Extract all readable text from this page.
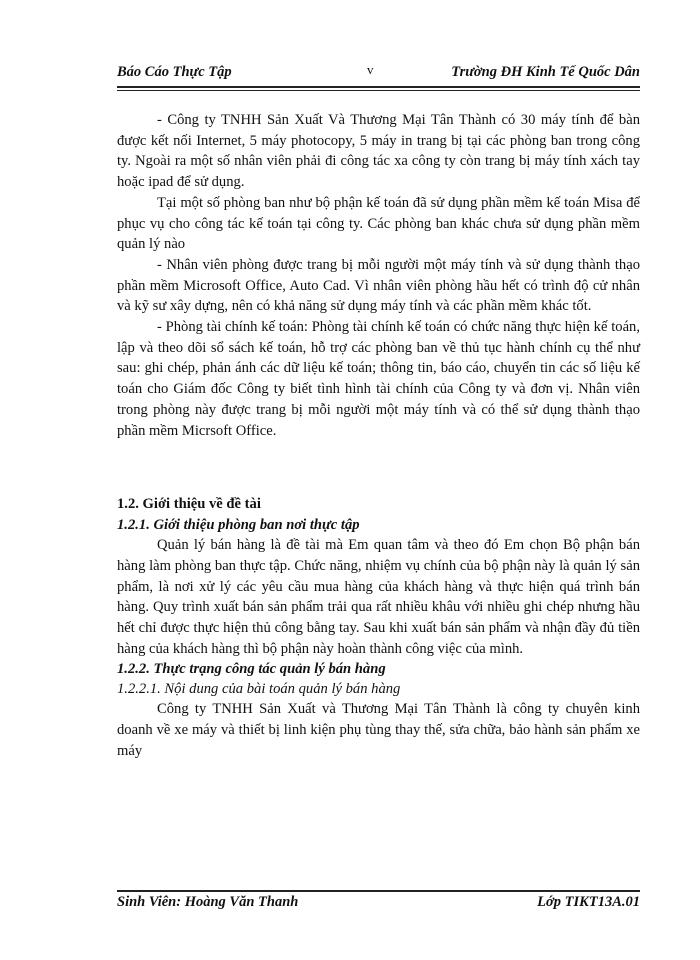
Báo Cáo Thực Tập	v	Trường ĐH Kinh Tế Quốc Dân

- Công ty TNHH Sản Xuất Và Thương Mại Tân Thành có 30 máy tính để bàn được kết nối Internet, 5 máy photocopy, 5 máy in trang bị tại các phòng ban trong công ty. Ngoài ra một số nhân viên phải đi công tác xa công ty còn trang bị máy tính xách tay hoặc ipad để sử dụng.

Tại một số phòng ban như bộ phận kế toán đã sử dụng phần mềm kế toán Misa để phục vụ cho công tác kế toán tại công ty. Các phòng ban khác chưa sử dụng phần mềm quản lý nào

- Nhân viên phòng được trang bị mỗi người một máy tính và sử dụng thành thạo phần mềm Microsoft Office, Auto Cad. Vì nhân viên phòng hầu hết có trình độ cử nhân và kỹ sư xây dựng, nên có khả năng sử dụng máy tính và các phần mềm khác tốt.

- Phòng tài chính kế toán: Phòng tài chính kế toán có chức năng thực hiện kế toán, lập và theo dõi sổ sách kế toán, hỗ trợ các phòng ban về thủ tục hành chính cụ thể như sau: ghi chép, phản ánh các dữ liệu kế toán; thông tin, báo cáo, chuyển tin các số liệu kế toán cho Giám đốc Công ty biết tình hình tài chính của Công ty và đơn vị. Nhân viên trong phòng này được trang bị mỗi người một máy tính và có thể sử dụng thành thạo phần mềm Micrsoft Office.

1.2. Giới thiệu về đề tài
1.2.1. Giới thiệu phòng ban nơi thực tập

Quản lý bán hàng là đề tài mà Em quan tâm và theo đó Em chọn Bộ phận bán hàng làm phòng ban thực tập. Chức năng, nhiệm vụ chính của bộ phận này là quản lý sản phẩm, là nơi xử lý các yêu cầu mua hàng của khách hàng và thực hiện quá trình bán hàng. Quy trình xuất bán sản phẩm trải qua rất nhiều khâu với nhiều ghi chép nhưng hầu hết chỉ được thực hiện thủ công bằng tay. Sau khi xuất bán sản phẩm và nhận đầy đủ tiền hàng của khách hàng thì bộ phận này hoàn thành công việc của mình.

1.2.2. Thực trạng công tác quản lý bán hàng
1.2.2.1. Nội dung của bài toán quản lý bán hàng

Công ty TNHH Sản Xuất và Thương Mại Tân Thành là công ty chuyên kinh doanh về xe máy và thiết bị linh kiện phụ tùng thay thế, sửa chữa, bảo hành sản phẩm xe máy

Sinh Viên: Hoàng Văn Thanh	Lớp TIKT13A.01
